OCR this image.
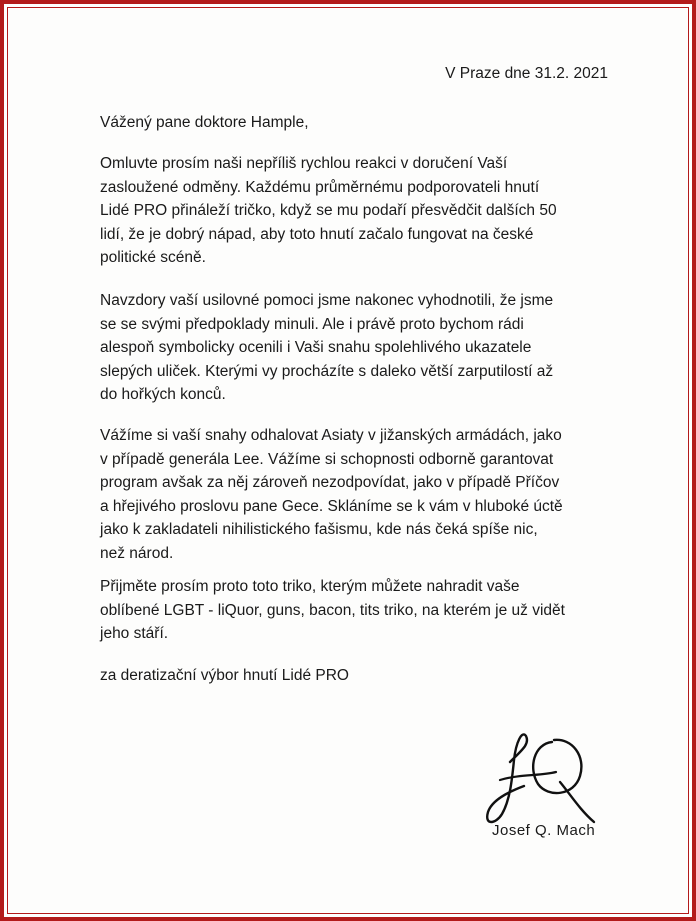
V Praze dne 31.2. 2021
Vážený pane doktore Hample,

Omluvte prosím naši nepříliš rychlou reakci v doručení Vaší
zasloužené odměny. Každému průměrnému podporovateli hnutí
Lidé PRO přináleží tričko, když se mu podaří přesvědčit dalších 50
lidí, že je dobrý nápad, aby toto hnutí začalo fungovat na české
politické scéně.

Navzdory vaší usilovné pomoci jsme nakonec vyhodnotili, že jsme
se se svými předpoklady minuli. Ale i právě proto bychom rádi
alespoň symbolicky ocenili i Vaši snahu spolehlivého ukazatele
slepých uliček. Kterými vy procházíte s daleko větší zarputilostí až
do hořkých konců.

Vážíme si vaší snahy odhalovat Asiaty v jižanských armádách, jako
v případě generála Lee. Vážíme si schopnosti odborně garantovat
program avšak za něj zároveň nezodpovídat, jako v případě Příčov
a hřejivého proslovu pane Gece. Skláníme se k vám v hluboké úctě
jako k zakladateli nihilistického fašismu, kde nás čeká spíše nic,
než národ.

Přijměte prosím proto toto triko, kterým můžete nahradit vaše
oblíbené LGBT - liQuor, guns, bacon, tits triko, na kterém je už vidět
jeho stáří.

za deratizační výbor hnutí Lidé PRO
Josef Q. Mach
